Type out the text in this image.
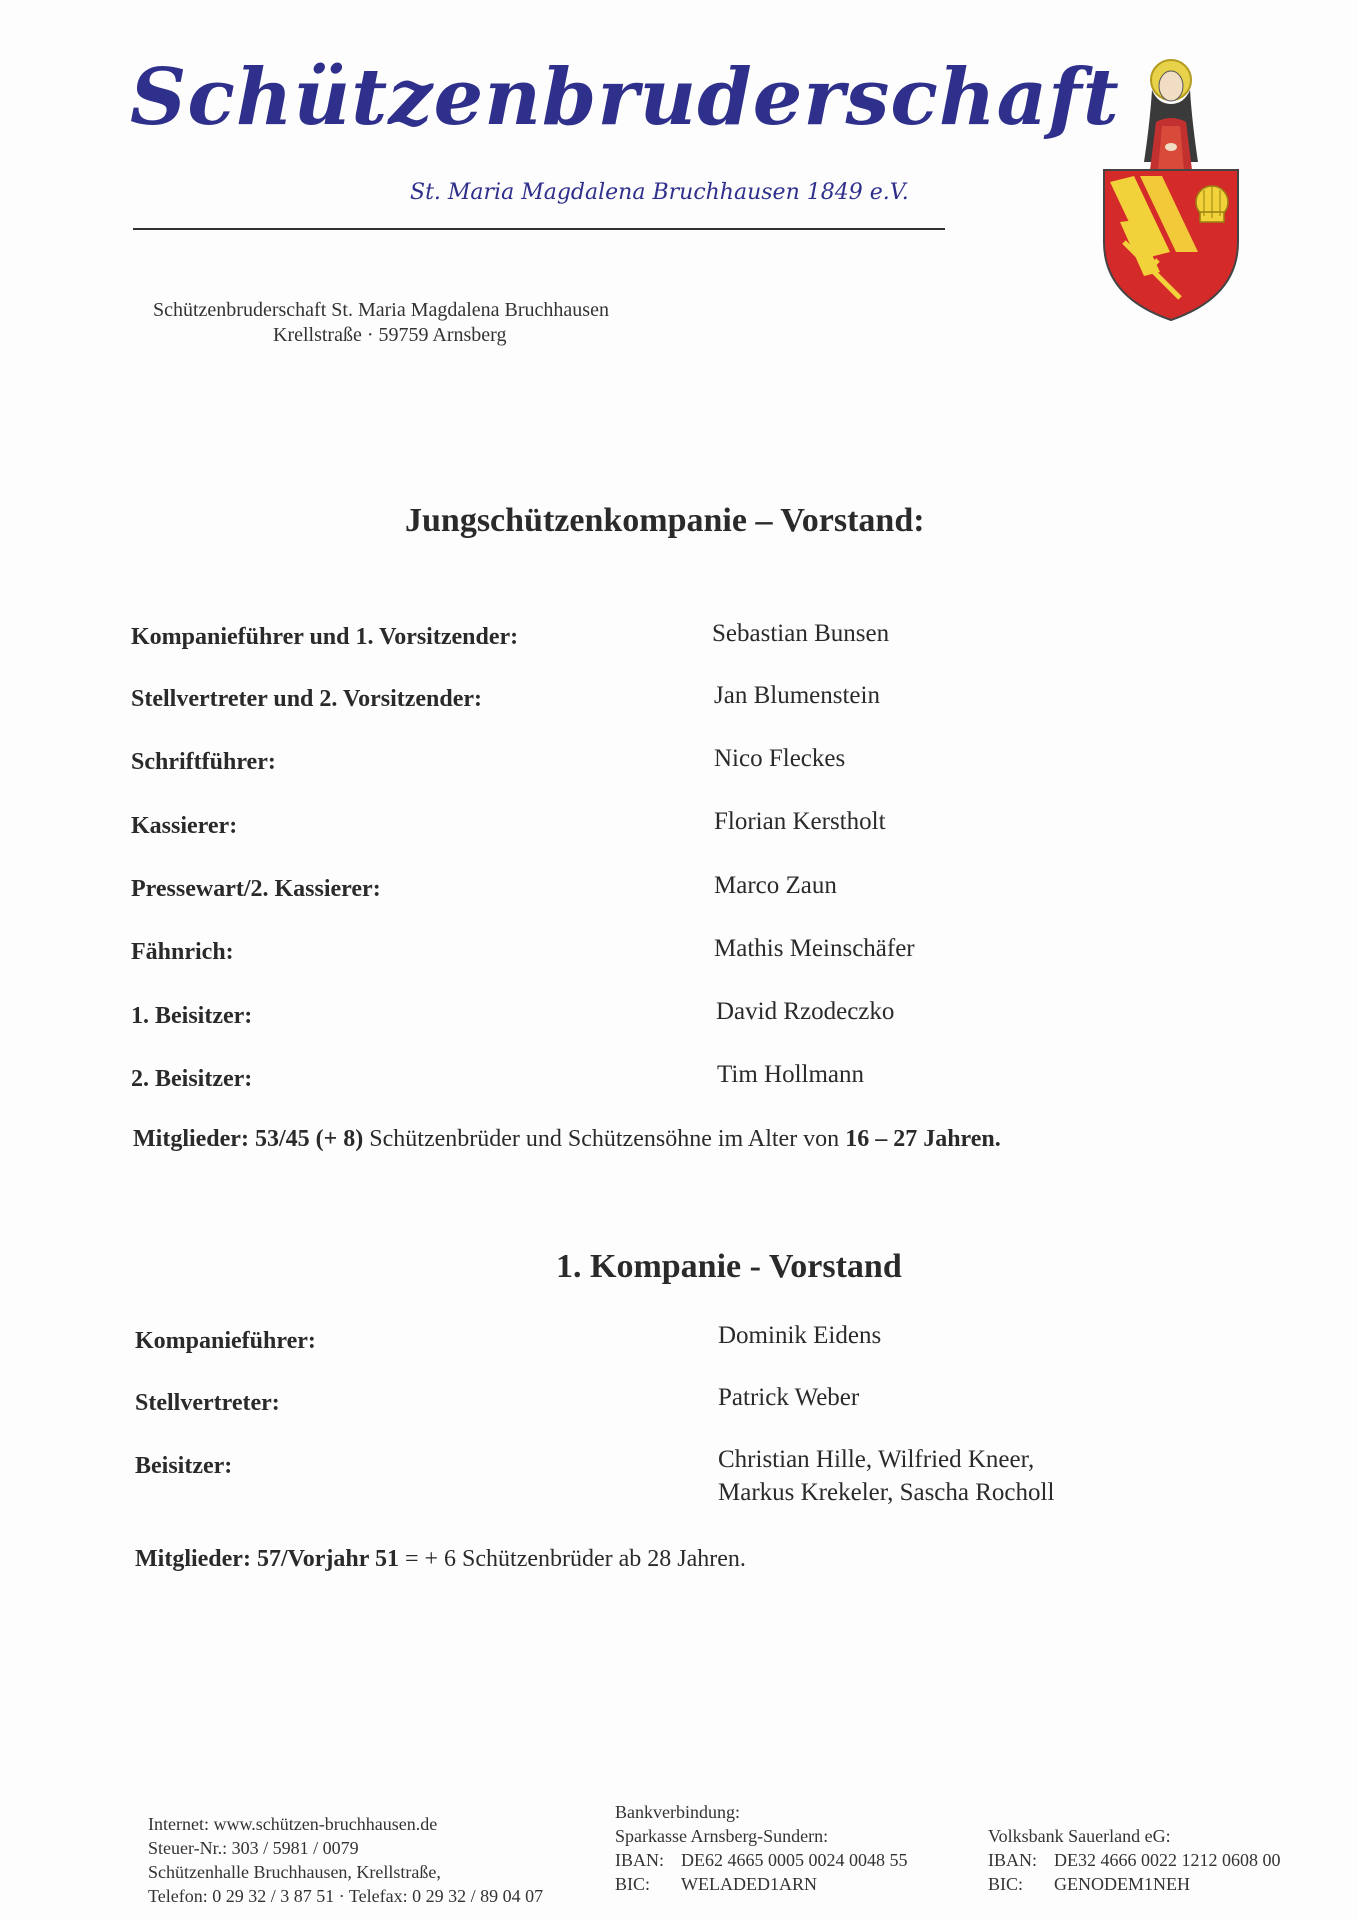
Schützenbruderschaft
St. Maria Magdalena Bruchhausen 1849 e.V.
Schützenbruderschaft St. Maria Magdalena Bruchhausen
Krellstraße · 59759 Arnsberg
Jungschützenkompanie – Vorstand:
Kompanieführer und 1. Vorsitzender:	Sebastian Bunsen
Stellvertreter und 2. Vorsitzender:	Jan Blumenstein
Schriftführer:	Nico Fleckes
Kassierer:	Florian Kerstholt
Pressewart/2. Kassierer:	Marco Zaun
Fähnrich:	Mathis Meinschäfer
1. Beisitzer:	David Rzodeczko
2. Beisitzer:	Tim Hollmann
Mitglieder: 53/45 (+ 8) Schützenbrüder und Schützensöhne im Alter von 16 – 27 Jahren.
1. Kompanie - Vorstand
Kompanieführer:	Dominik Eidens
Stellvertreter:	Patrick Weber
Beisitzer:	Christian Hille, Wilfried Kneer,
Markus Krekeler, Sascha Rocholl
Mitglieder: 57/Vorjahr 51 = + 6 Schützenbrüder ab 28 Jahren.
Internet: www.schützen-bruchhausen.de
Steuer-Nr.: 303 / 5981 / 0079
Schützenhalle Bruchhausen, Krellstraße,
Telefon: 0 29 32 / 3 87 51 · Telefax: 0 29 32 / 89 04 07
Bankverbindung:
Sparkasse Arnsberg-Sundern:
IBAN: DE62 4665 0005 0024 0048 55
BIC: WELADED1ARN
Volksbank Sauerland eG:
IBAN: DE32 4666 0022 1212 0608 00
BIC: GENODEM1NEH
